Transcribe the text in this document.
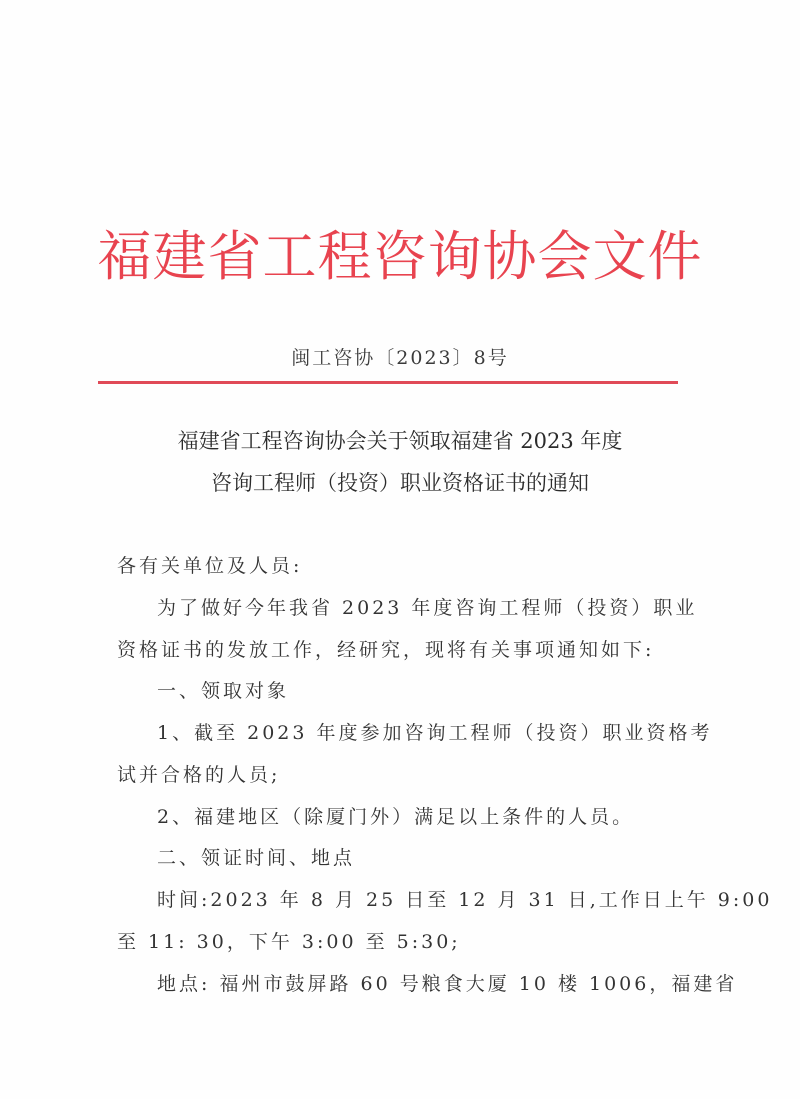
福建省工程咨询协会文件
闽工咨协〔2023〕8号
福建省工程咨询协会关于领取福建省 2023 年度
咨询工程师（投资）职业资格证书的通知
各有关单位及人员:
为了做好今年我省 2023 年度咨询工程师（投资）职业
资格证书的发放工作，经研究，现将有关事项通知如下:
一、领取对象
1、截至 2023 年度参加咨询工程师（投资）职业资格考
试并合格的人员;
2、福建地区（除厦门外）满足以上条件的人员。
二、领证时间、地点
时间:2023 年 8 月 25 日至 12 月 31 日,工作日上午 9:00
至 11: 30，下午 3:00 至 5:30;
地点: 福州市鼓屏路 60 号粮食大厦 10 楼 1006，福建省
